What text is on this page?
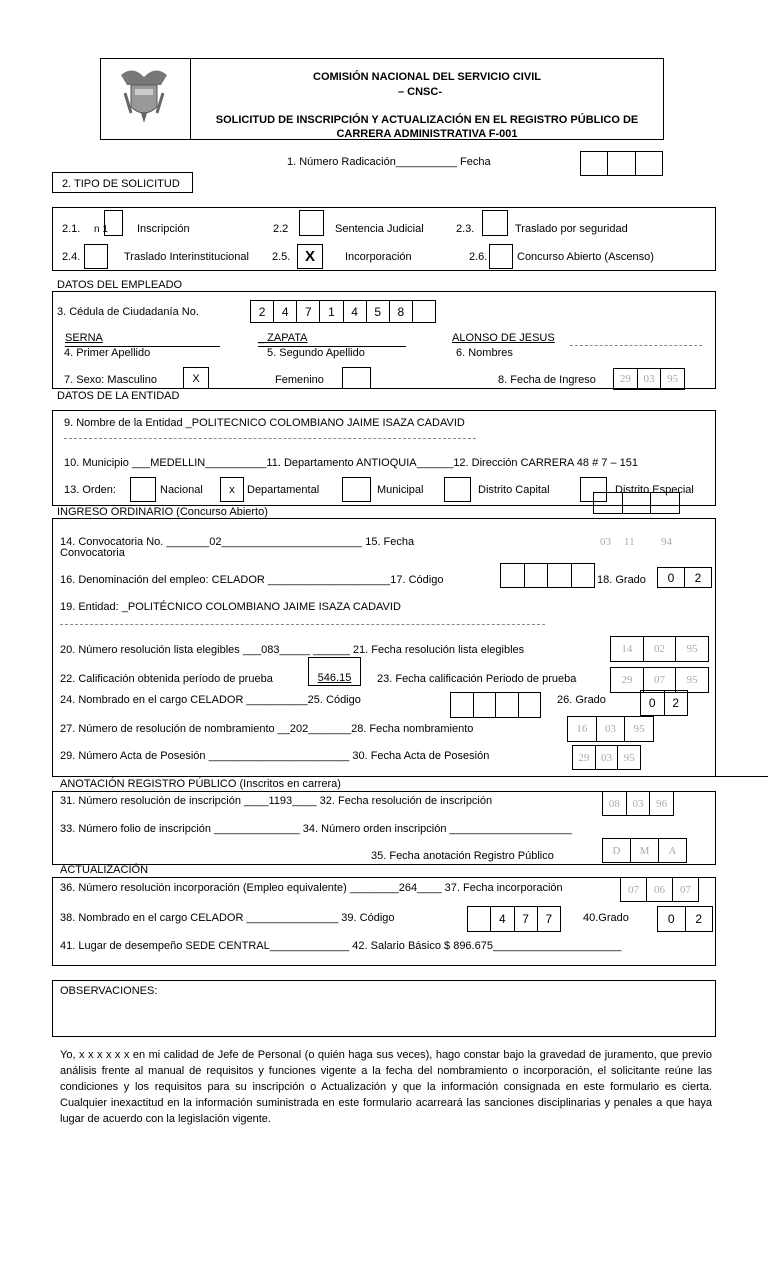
COMISIÓN NACIONAL DEL SERVICIO CIVIL
– CNSC-
SOLICITUD DE INSCRIPCIÓN Y ACTUALIZACIÓN EN EL REGISTRO PÚBLICO DE
CARRERA ADMINISTRATIVA F-001
1. Número Radicación__________ Fecha
2. TIPO DE SOLICITUD
2.1. n 1	Inscripción	2.2	Sentencia Judicial	2.3.	Traslado por seguridad
2.4.	Traslado Interinstitucional 2.5. X	Incorporación	2.6.	Concurso Abierto (Ascenso)
DATOS DEL EMPLEADO
3. Cédula de Ciudadanía No.	2	4	7	1	4	5	8
SERNA	_ ZAPATA	ALONSO DE JESUS
4. Primer Apellido	5. Segundo Apellido	6. Nombres
7. Sexo: Masculino	X	Femenino	8. Fecha de Ingreso	29	03	95
DATOS DE LA ENTIDAD
9. Nombre de la Entidad _POLITECNICO COLOMBIANO JAIME ISAZA CADAVID
10. Municipio ___MEDELLIN__________11. Departamento ANTIOQUIA______12. Dirección CARRERA 48 # 7 – 151
13. Orden:	Nacional	x	Departamental	Municipal	Distrito Capital	Distrito Especial
INGRESO ORDINARIO (Concurso Abierto)
14. Convocatoria No. _______02_______________________ 15. Fecha
Convocatoria
03 11 94
16. Denominación del empleo: CELADOR ____________________17. Código	18. Grado	0	2
19. Entidad: _POLITÉCNICO COLOMBIANO JAIME ISAZA CADAVID
20. Número resolución lista elegibles ___083_____ ______ 21. Fecha resolución lista elegibles	14	02	95
22. Calificación obtenida período de prueba	546.15	23. Fecha calificación Periodo de prueba	29	07	95
24. Nombrado en el cargo CELADOR __________25. Código	26. Grado	0	2
27. Número de resolución de nombramiento __202_______28. Fecha nombramiento	16	03	95
29. Número Acta de Posesión _______________________ 30. Fecha Acta de Posesión	29	03	95
ANOTACIÓN REGISTRO PÚBLICO (Inscritos en carrera)
31. Número resolución de inscripción ____1193____ 32. Fecha resolución de inscripción	08	03	96
33. Número folio de inscripción ______________ 34. Número orden inscripción ____________________
35. Fecha anotación Registro Público	D	M	A
ACTUALIZACIÓN
36. Número resolución incorporación (Empleo equivalente) ________264____ 37. Fecha incorporación	07	06	07
38. Nombrado en el cargo CELADOR _______________ 39. Código	4	7	7	40.Grado	0	2
41. Lugar de desempeño SEDE CENTRAL_____________ 42. Salario Básico $ 896.675_____________________
OBSERVACIONES:
Yo, x x x x x x en mi calidad de Jefe de Personal (o quién haga sus veces), hago constar bajo la gravedad de juramento, que previo análisis frente al manual de requisitos y funciones vigente a la fecha del nombramiento o incorporación, el solicitante reúne las condiciones y los requisitos para su inscripción o Actualización y que la información consignada en este formulario es cierta. Cualquier inexactitud en la información suministrada en este formulario acarreará las sanciones disciplinarias y penales a que haya lugar de acuerdo con la legislación vigente.
